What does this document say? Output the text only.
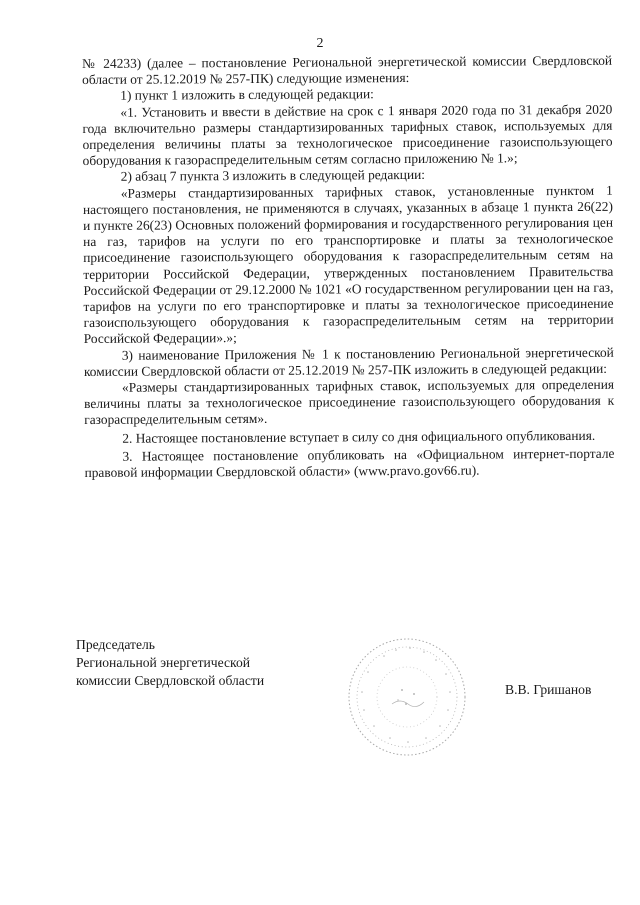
2

№ 24233) (далее – постановление Региональной энергетической комиссии Свердловской области от 25.12.2019 № 257-ПК) следующие изменения:

1) пункт 1 изложить в следующей редакции:

«1. Установить и ввести в действие на срок с 1 января 2020 года по 31 декабря 2020 года включительно размеры стандартизированных тарифных ставок, используемых для определения величины платы за технологическое присоединение газоиспользующего оборудования к газораспределительным сетям согласно приложению № 1.»;

2) абзац 7 пункта 3 изложить в следующей редакции:

«Размеры стандартизированных тарифных ставок, установленные пунктом 1 настоящего постановления, не применяются в случаях, указанных в абзаце 1 пункта 26(22) и пункте 26(23) Основных положений формирования и государственного регулирования цен на газ, тарифов на услуги по его транспортировке и платы за технологическое присоединение газоиспользующего оборудования к газораспределительным сетям на территории Российской Федерации, утвержденных постановлением Правительства Российской Федерации от 29.12.2000 № 1021 «О государственном регулировании цен на газ, тарифов на услуги по его транспортировке и платы за технологическое присоединение газоиспользующего оборудования к газораспределительным сетям на территории Российской Федерации».»;

3) наименование Приложения № 1 к постановлению Региональной энергетической комиссии Свердловской области от 25.12.2019 № 257-ПК изложить в следующей редакции:

«Размеры стандартизированных тарифных ставок, используемых для определения величины платы за технологическое присоединение газоиспользующего оборудования к газораспределительным сетям».

2. Настоящее постановление вступает в силу со дня официального опубликования.

3. Настоящее постановление опубликовать на «Официальном интернет-портале правовой информации Свердловской области» (www.pravo.gov66.ru).

Председатель
Региональной энергетической
комиссии Свердловской области
В.В. Гришанов
